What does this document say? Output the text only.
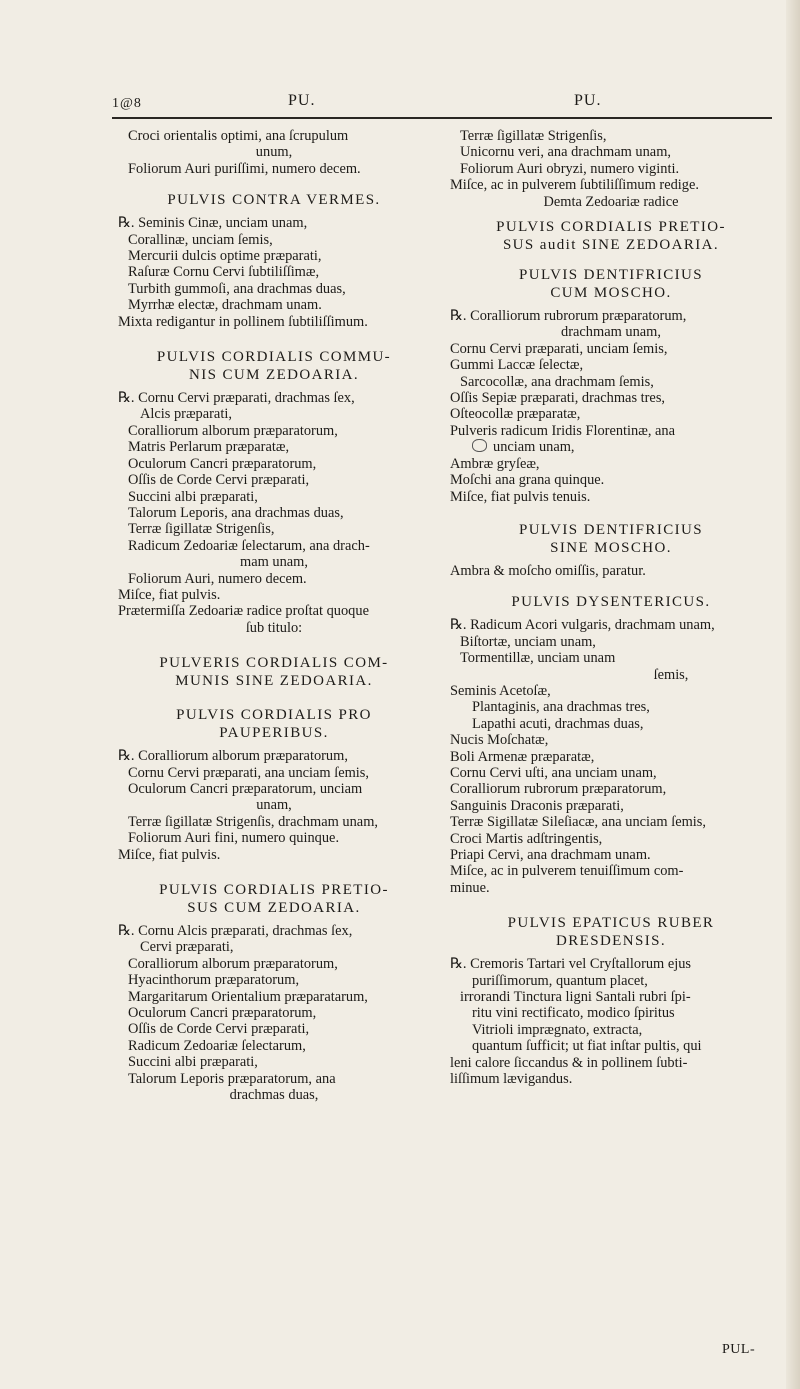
1@8	PU.	PU.

Croci orientalis optimi, ana ſcrupulum

unum,

Foliorum Auri puriſſimi, numero decem.

PULVIS CONTRA VERMES.

℞. Seminis Cinæ, unciam unam,

Corallinæ, unciam ſemis,

Mercurii dulcis optime præparati,

Raſuræ Cornu Cervi ſubtiliſſimæ,

Turbith gummoſi, ana drachmas duas,

Myrrhæ electæ, drachmam unam.

Mixta redigantur in pollinem ſubtiliſſimum.

PULVIS CORDIALIS COMMU-

NIS CUM ZEDOARIA.

℞. Cornu Cervi præparati, drachmas ſex,

Alcis præparati,

Coralliorum alborum præparatorum,

Matris Perlarum præparatæ,

Oculorum Cancri præparatorum,

Oſſis de Corde Cervi præparati,

Succini albi præparati,

Talorum Leporis, ana drachmas duas,

Terræ ſigillatæ Strigenſis,

Radicum Zedoariæ ſelectarum, ana drach-

mam unam,

Foliorum Auri, numero decem.

Miſce, fiat pulvis.

Prætermiſſa Zedoariæ radice proſtat quoque

ſub titulo:

PULVERIS CORDIALIS COM-

MUNIS SINE ZEDOARIA.

PULVIS CORDIALIS PRO

PAUPERIBUS.

℞. Coralliorum alborum præparatorum,

Cornu Cervi præparati, ana unciam ſemis,

Oculorum Cancri præparatorum, unciam

unam,

Terræ ſigillatæ Strigenſis, drachmam unam,

Foliorum Auri fini, numero quinque.

Miſce, fiat pulvis.

PULVIS CORDIALIS PRETIO-

SUS CUM ZEDOARIA.

℞. Cornu Alcis præparati, drachmas ſex,

Cervi præparati,

Coralliorum alborum præparatorum,

Hyacinthorum præparatorum,

Margaritarum Orientalium præparatarum,

Oculorum Cancri præparatorum,

Oſſis de Corde Cervi præparati,

Radicum Zedoariæ ſelectarum,

Succini albi præparati,

Talorum Leporis præparatorum, ana

drachmas duas,

Terræ ſigillatæ Strigenſis,

Unicornu veri, ana drachmam unam,

Foliorum Auri obryzi, numero viginti.

Miſce, ac in pulverem ſubtiliſſimum redige.

Demta Zedoariæ radice

PULVIS CORDIALIS PRETIO-

SUS audit SINE ZEDOARIA.

PULVIS DENTIFRICIUS

CUM MOSCHO.

℞. Coralliorum rubrorum præparatorum,

drachmam unam,

Cornu Cervi præparati, unciam ſemis,

Gummi Laccæ ſelectæ,

Sarcocollæ, ana drachmam ſemis,

Oſſis Sepiæ præparati, drachmas tres,

Oſteocollæ præparatæ,

Pulveris radicum Iridis Florentinæ, ana

unciam unam,

Ambræ gryſeæ,

Moſchi ana grana quinque.

Miſce, fiat pulvis tenuis.

PULVIS DENTIFRICIUS

SINE MOSCHO.

Ambra & moſcho omiſſis, paratur.

PULVIS DYSENTERICUS.

℞. Radicum Acori vulgaris, drachmam unam,

Biſtortæ, unciam unam,

Tormentillæ, unciam unam

ſemis,

Seminis Acetoſæ,

Plantaginis, ana drachmas tres,

Lapathi acuti, drachmas duas,

Nucis Moſchatæ,

Boli Armenæ præparatæ,

Cornu Cervi uſti, ana unciam unam,

Coralliorum rubrorum præparatorum,

Sanguinis Draconis præparati,

Terræ Sigillatæ Sileſiacæ, ana unciam ſemis,

Croci Martis adſtringentis,

Priapi Cervi, ana drachmam unam.

Miſce, ac in pulverem tenuiſſimum com-

minue.

PULVIS EPATICUS RUBER

DRESDENSIS.

℞. Cremoris Tartari vel Cryſtallorum ejus

puriſſimorum, quantum placet,

irrorandi Tinctura ligni Santali rubri ſpi-

ritu vini rectificato, modico ſpiritus

Vitrioli imprægnato, extracta,

quantum ſufficit; ut fiat inſtar pultis, qui

leni calore ſiccandus & in pollinem ſubti-

liſſimum lævigandus.

PUL-
